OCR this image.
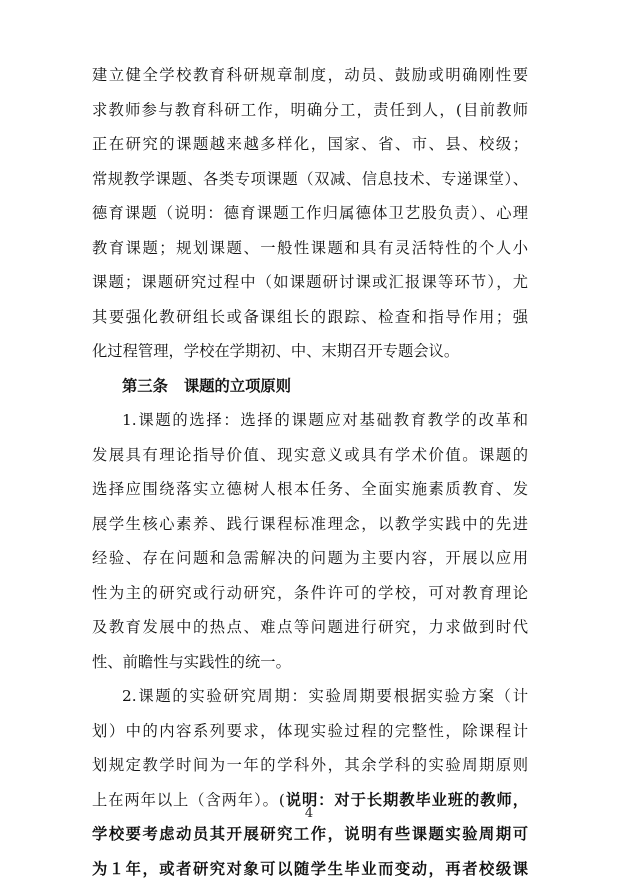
建立健全学校教育科研规章制度，动员、鼓励或明确刚性要
求教师参与教育科研工作，明确分工，责任到人，(目前教师
正在研究的课题越来越多样化，国家、省、市、县、校级；
常规教学课题、各类专项课题（双减、信息技术、专递课堂）、
德育课题（说明：德育课题工作归属德体卫艺股负责）、心理
教育课题；规划课题、一般性课题和具有灵活特性的个人小
课题；课题研究过程中（如课题研讨课或汇报课等环节），尤
其要强化教研组长或备课组长的跟踪、检查和指导作用；强
化过程管理，学校在学期初、中、末期召开专题会议。
第三条 课题的立项原则
1.课题的选择：选择的课题应对基础教育教学的改革和
发展具有理论指导价值、现实意义或具有学术价值。课题的
选择应围绕落实立德树人根本任务、全面实施素质教育、发
展学生核心素养、践行课程标准理念，以教学实践中的先进
经验、存在问题和急需解决的问题为主要内容，开展以应用
性为主的研究或行动研究，条件许可的学校，可对教育理论
及教育发展中的热点、难点等问题进行研究，力求做到时代
性、前瞻性与实践性的统一。
2.课题的实验研究周期：实验周期要根据实验方案（计
划）中的内容系列要求，体现实验过程的完整性，除课程计
划规定教学时间为一年的学科外，其余学科的实验周期原则
上在两年以上（含两年）。(说明：对于长期教毕业班的教师，
学校要考虑动员其开展研究工作，说明有些课题实验周期可
为１年，或者研究对象可以随学生毕业而变动，再者校级课
4
